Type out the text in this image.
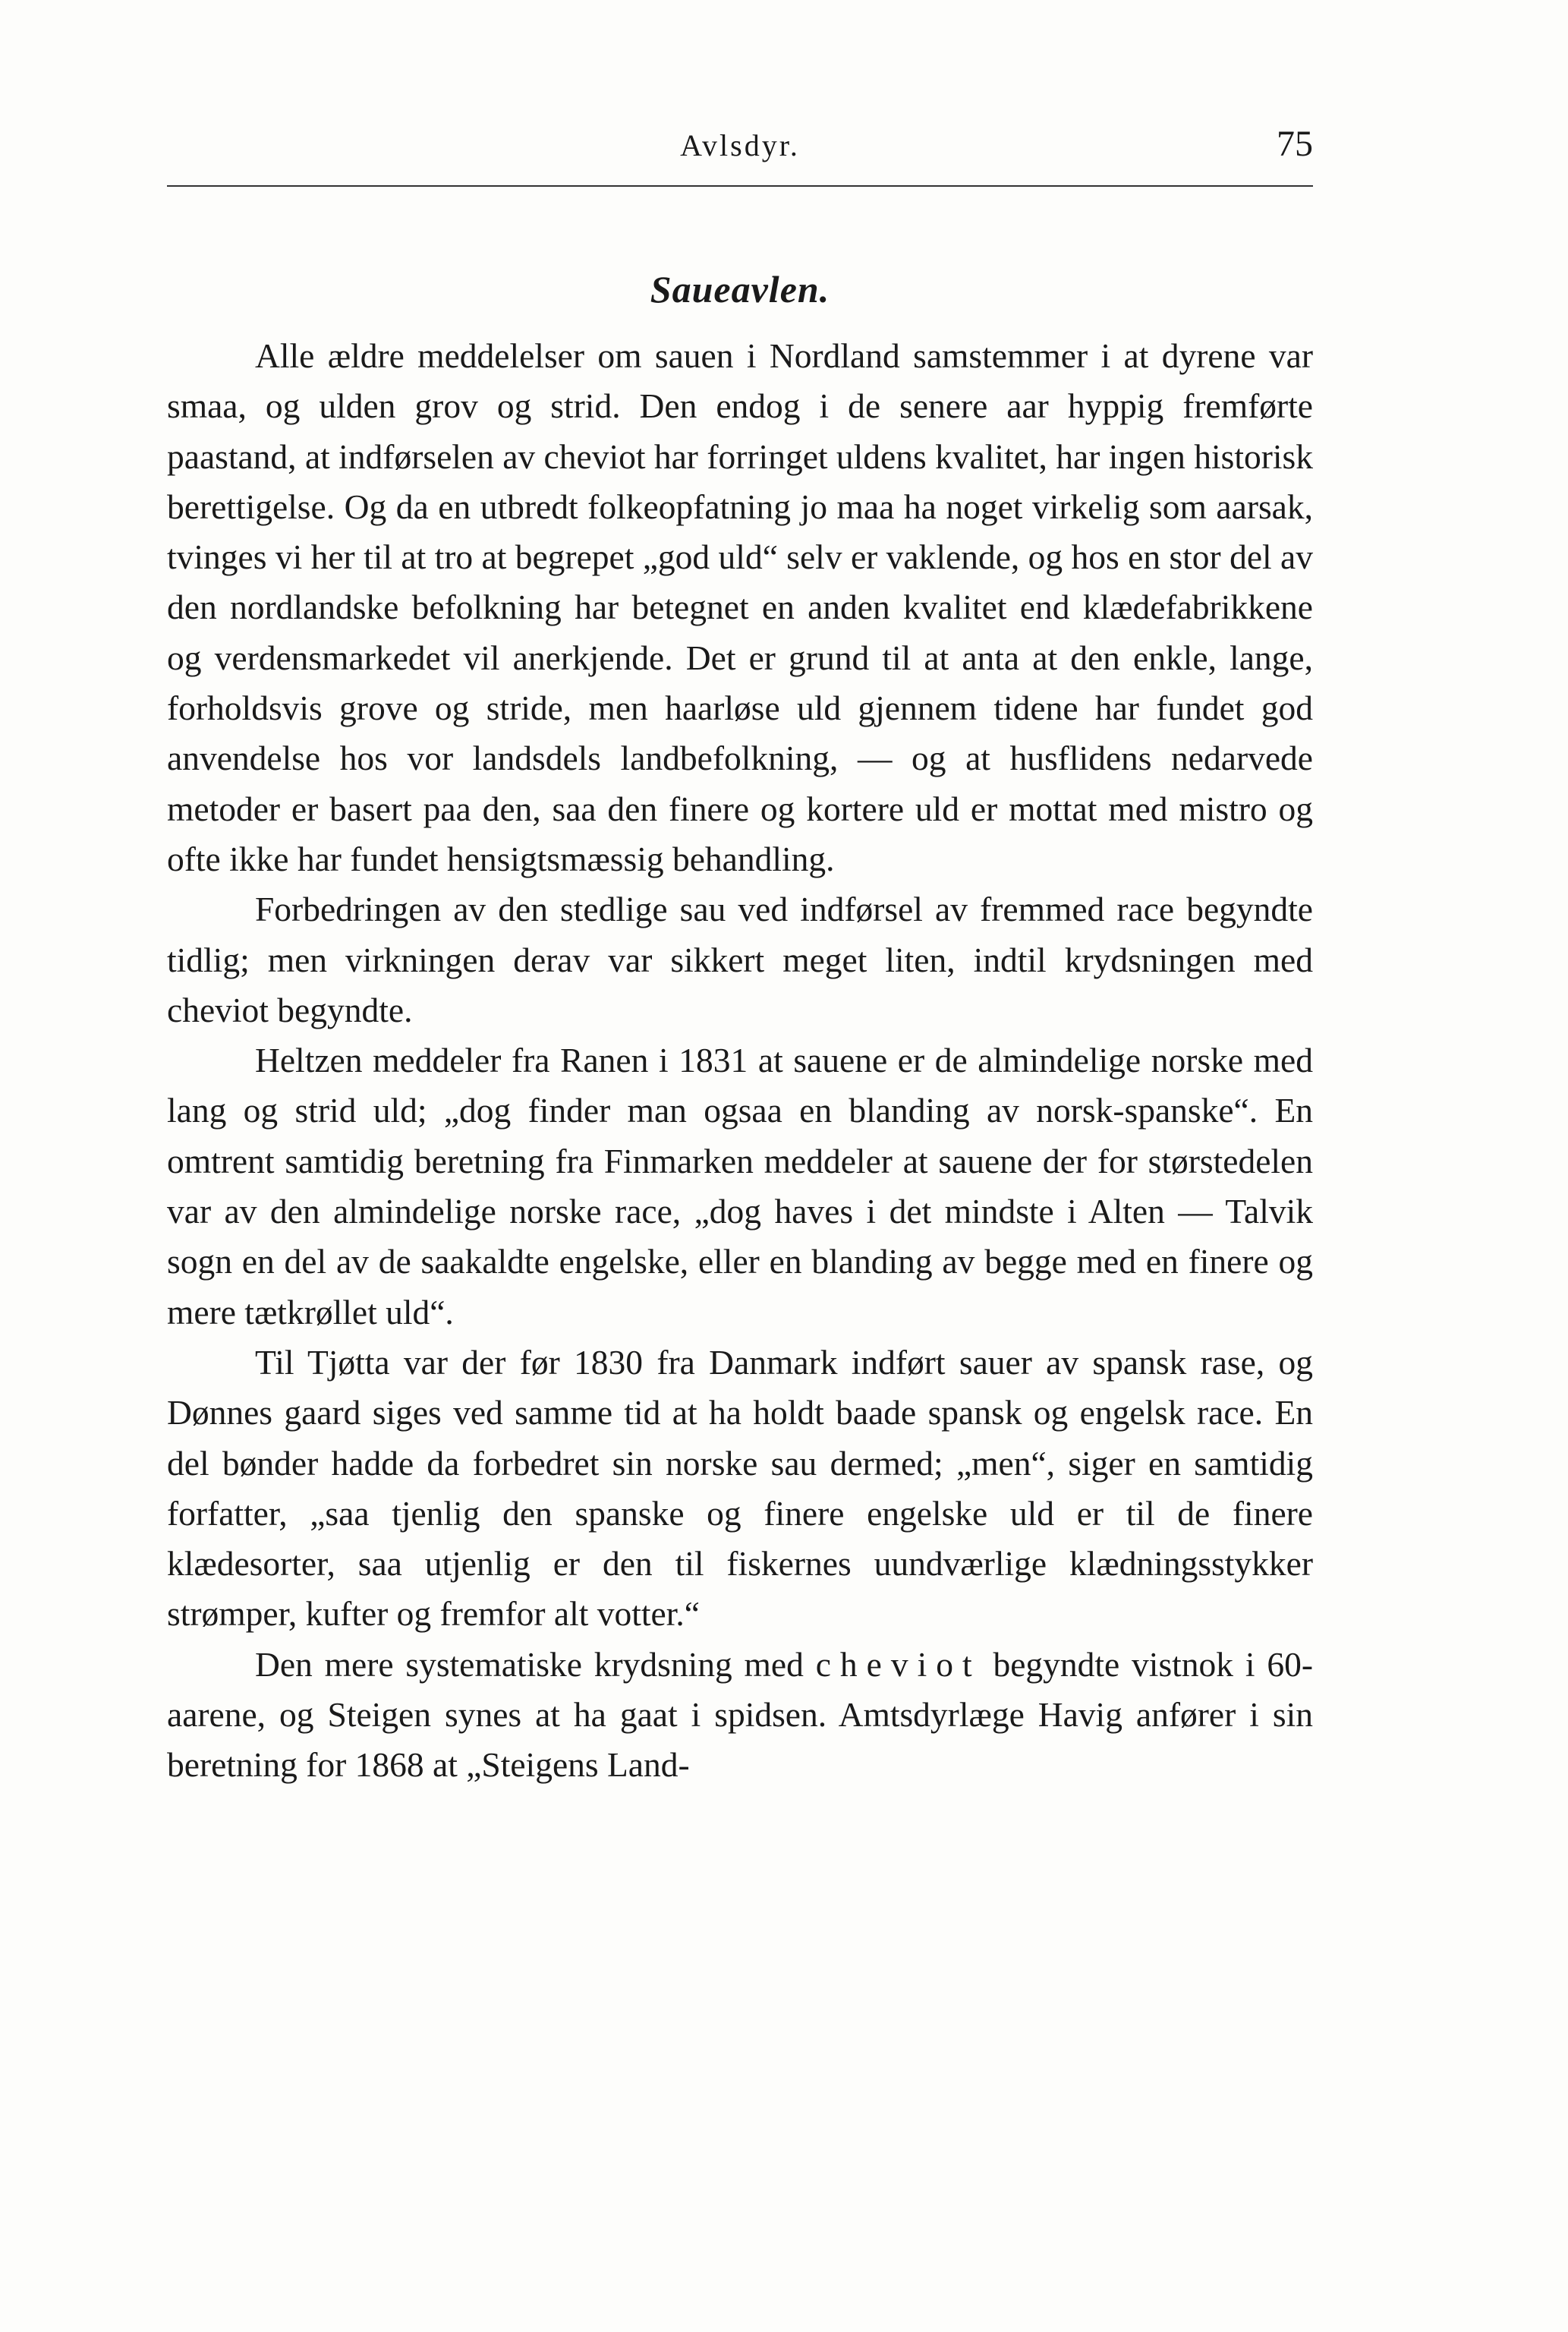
Avlsdyr.	75
Saueavlen.

Alle ældre meddelelser om sauen i Nordland samstemmer i at dyrene var smaa, og ulden grov og strid. Den endog i de senere aar hyppig fremførte paastand, at indførselen av cheviot har forringet uldens kvalitet, har ingen historisk berettigelse. Og da en utbredt folkeopfatning jo maa ha noget virkelig som aarsak, tvinges vi her til at tro at begrepet „god uld“ selv er vaklende, og hos en stor del av den nordlandske befolkning har betegnet en anden kvalitet end klædefabrikkene og verdensmarkedet vil anerkjende. Det er grund til at anta at den enkle, lange, forholdsvis grove og stride, men haarløse uld gjennem tidene har fundet god anvendelse hos vor landsdels landbefolkning, — og at husflidens nedarvede metoder er basert paa den, saa den finere og kortere uld er mottat med mistro og ofte ikke har fundet hensigtsmæssig behandling.

Forbedringen av den stedlige sau ved indførsel av fremmed race begyndte tidlig; men virkningen derav var sikkert meget liten, indtil krydsningen med cheviot begyndte.

Heltzen meddeler fra Ranen i 1831 at sauene er de almindelige norske med lang og strid uld; „dog finder man ogsaa en blanding av norsk-spanske“. En omtrent samtidig beretning fra Finmarken meddeler at sauene der for størstedelen var av den almindelige norske race, „dog haves i det mindste i Alten — Talvik sogn en del av de saakaldte engelske, eller en blanding av begge med en finere og mere tætkrøllet uld“.

Til Tjøtta var der før 1830 fra Danmark indført sauer av spansk rase, og Dønnes gaard siges ved samme tid at ha holdt baade spansk og engelsk race. En del bønder hadde da forbedret sin norske sau dermed; „men“, siger en samtidig forfatter, „saa tjenlig den spanske og finere engelske uld er til de finere klædesorter, saa utjenlig er den til fiskernes uundværlige klædningsstykker strømper, kufter og fremfor alt votter.“

Den mere systematiske krydsning med cheviot begyndte vistnok i 60-aarene, og Steigen synes at ha gaat i spidsen. Amtsdyrlæge Havig anfører i sin beretning for 1868 at „Steigens Land-
